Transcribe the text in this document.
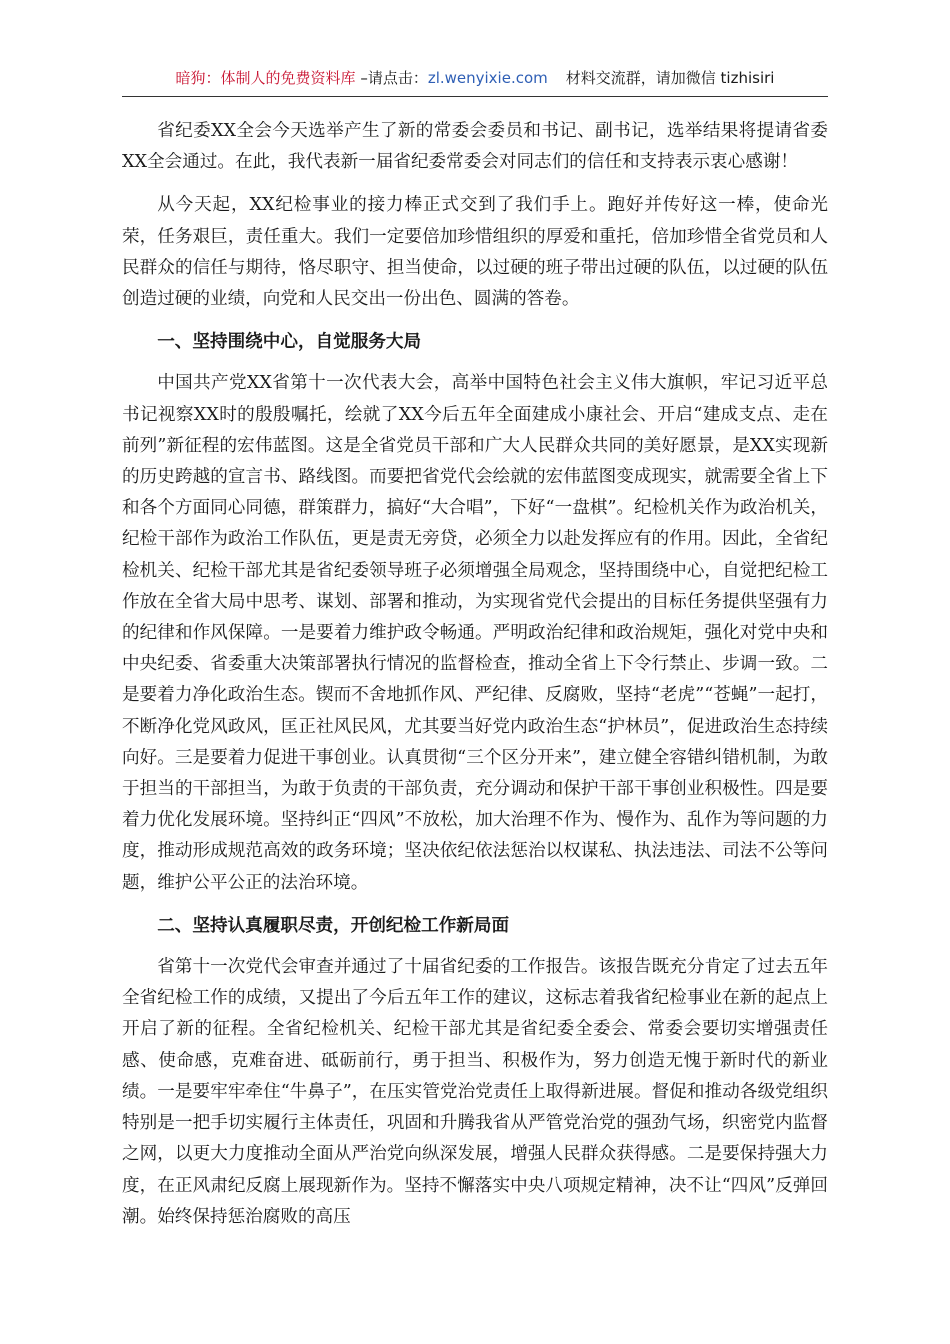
暗狗：体制人的免费资料库 –请点击：zl.wenyixie.com 材料交流群，请加微信 tizhisiri

省纪委XX全会今天选举产生了新的常委会委员和书记、副书记，选举结果将提请省委XX全会通过。在此，我代表新一届省纪委常委会对同志们的信任和支持表示衷心感谢！

从今天起，XX纪检事业的接力棒正式交到了我们手上。跑好并传好这一棒，使命光荣，任务艰巨，责任重大。我们一定要倍加珍惜组织的厚爱和重托，倍加珍惜全省党员和人民群众的信任与期待，恪尽职守、担当使命，以过硬的班子带出过硬的队伍，以过硬的队伍创造过硬的业绩，向党和人民交出一份出色、圆满的答卷。

一、坚持围绕中心，自觉服务大局

中国共产党XX省第十一次代表大会，高举中国特色社会主义伟大旗帜，牢记习近平总书记视察XX时的殷殷嘱托，绘就了XX今后五年全面建成小康社会、开启“建成支点、走在前列”新征程的宏伟蓝图。这是全省党员干部和广大人民群众共同的美好愿景，是XX实现新的历史跨越的宣言书、路线图。而要把省党代会绘就的宏伟蓝图变成现实，就需要全省上下和各个方面同心同德，群策群力，搞好“大合唱”，下好“一盘棋”。纪检机关作为政治机关，纪检干部作为政治工作队伍，更是责无旁贷，必须全力以赴发挥应有的作用。因此，全省纪检机关、纪检干部尤其是省纪委领导班子必须增强全局观念，坚持围绕中心，自觉把纪检工作放在全省大局中思考、谋划、部署和推动，为实现省党代会提出的目标任务提供坚强有力的纪律和作风保障。一是要着力维护政令畅通。严明政治纪律和政治规矩，强化对党中央和中央纪委、省委重大决策部署执行情况的监督检查，推动全省上下令行禁止、步调一致。二是要着力净化政治生态。锲而不舍地抓作风、严纪律、反腐败，坚持“老虎”“苍蝇”一起打，不断净化党风政风，匡正社风民风，尤其要当好党内政治生态“护林员”，促进政治生态持续向好。三是要着力促进干事创业。认真贯彻“三个区分开来”，建立健全容错纠错机制，为敢于担当的干部担当，为敢于负责的干部负责，充分调动和保护干部干事创业积极性。四是要着力优化发展环境。坚持纠正“四风”不放松，加大治理不作为、慢作为、乱作为等问题的力度，推动形成规范高效的政务环境；坚决依纪依法惩治以权谋私、执法违法、司法不公等问题，维护公平公正的法治环境。

二、坚持认真履职尽责，开创纪检工作新局面

省第十一次党代会审查并通过了十届省纪委的工作报告。该报告既充分肯定了过去五年全省纪检工作的成绩，又提出了今后五年工作的建议，这标志着我省纪检事业在新的起点上开启了新的征程。全省纪检机关、纪检干部尤其是省纪委全委会、常委会要切实增强责任感、使命感，克难奋进、砥砺前行，勇于担当、积极作为，努力创造无愧于新时代的新业绩。一是要牢牢牵住“牛鼻子”，在压实管党治党责任上取得新进展。督促和推动各级党组织特别是一把手切实履行主体责任，巩固和升腾我省从严管党治党的强劲气场，织密党内监督之网，以更大力度推动全面从严治党向纵深发展，增强人民群众获得感。二是要保持强大力度，在正风肃纪反腐上展现新作为。坚持不懈落实中央八项规定精神，决不让“四风”反弹回潮。始终保持惩治腐败的高压
